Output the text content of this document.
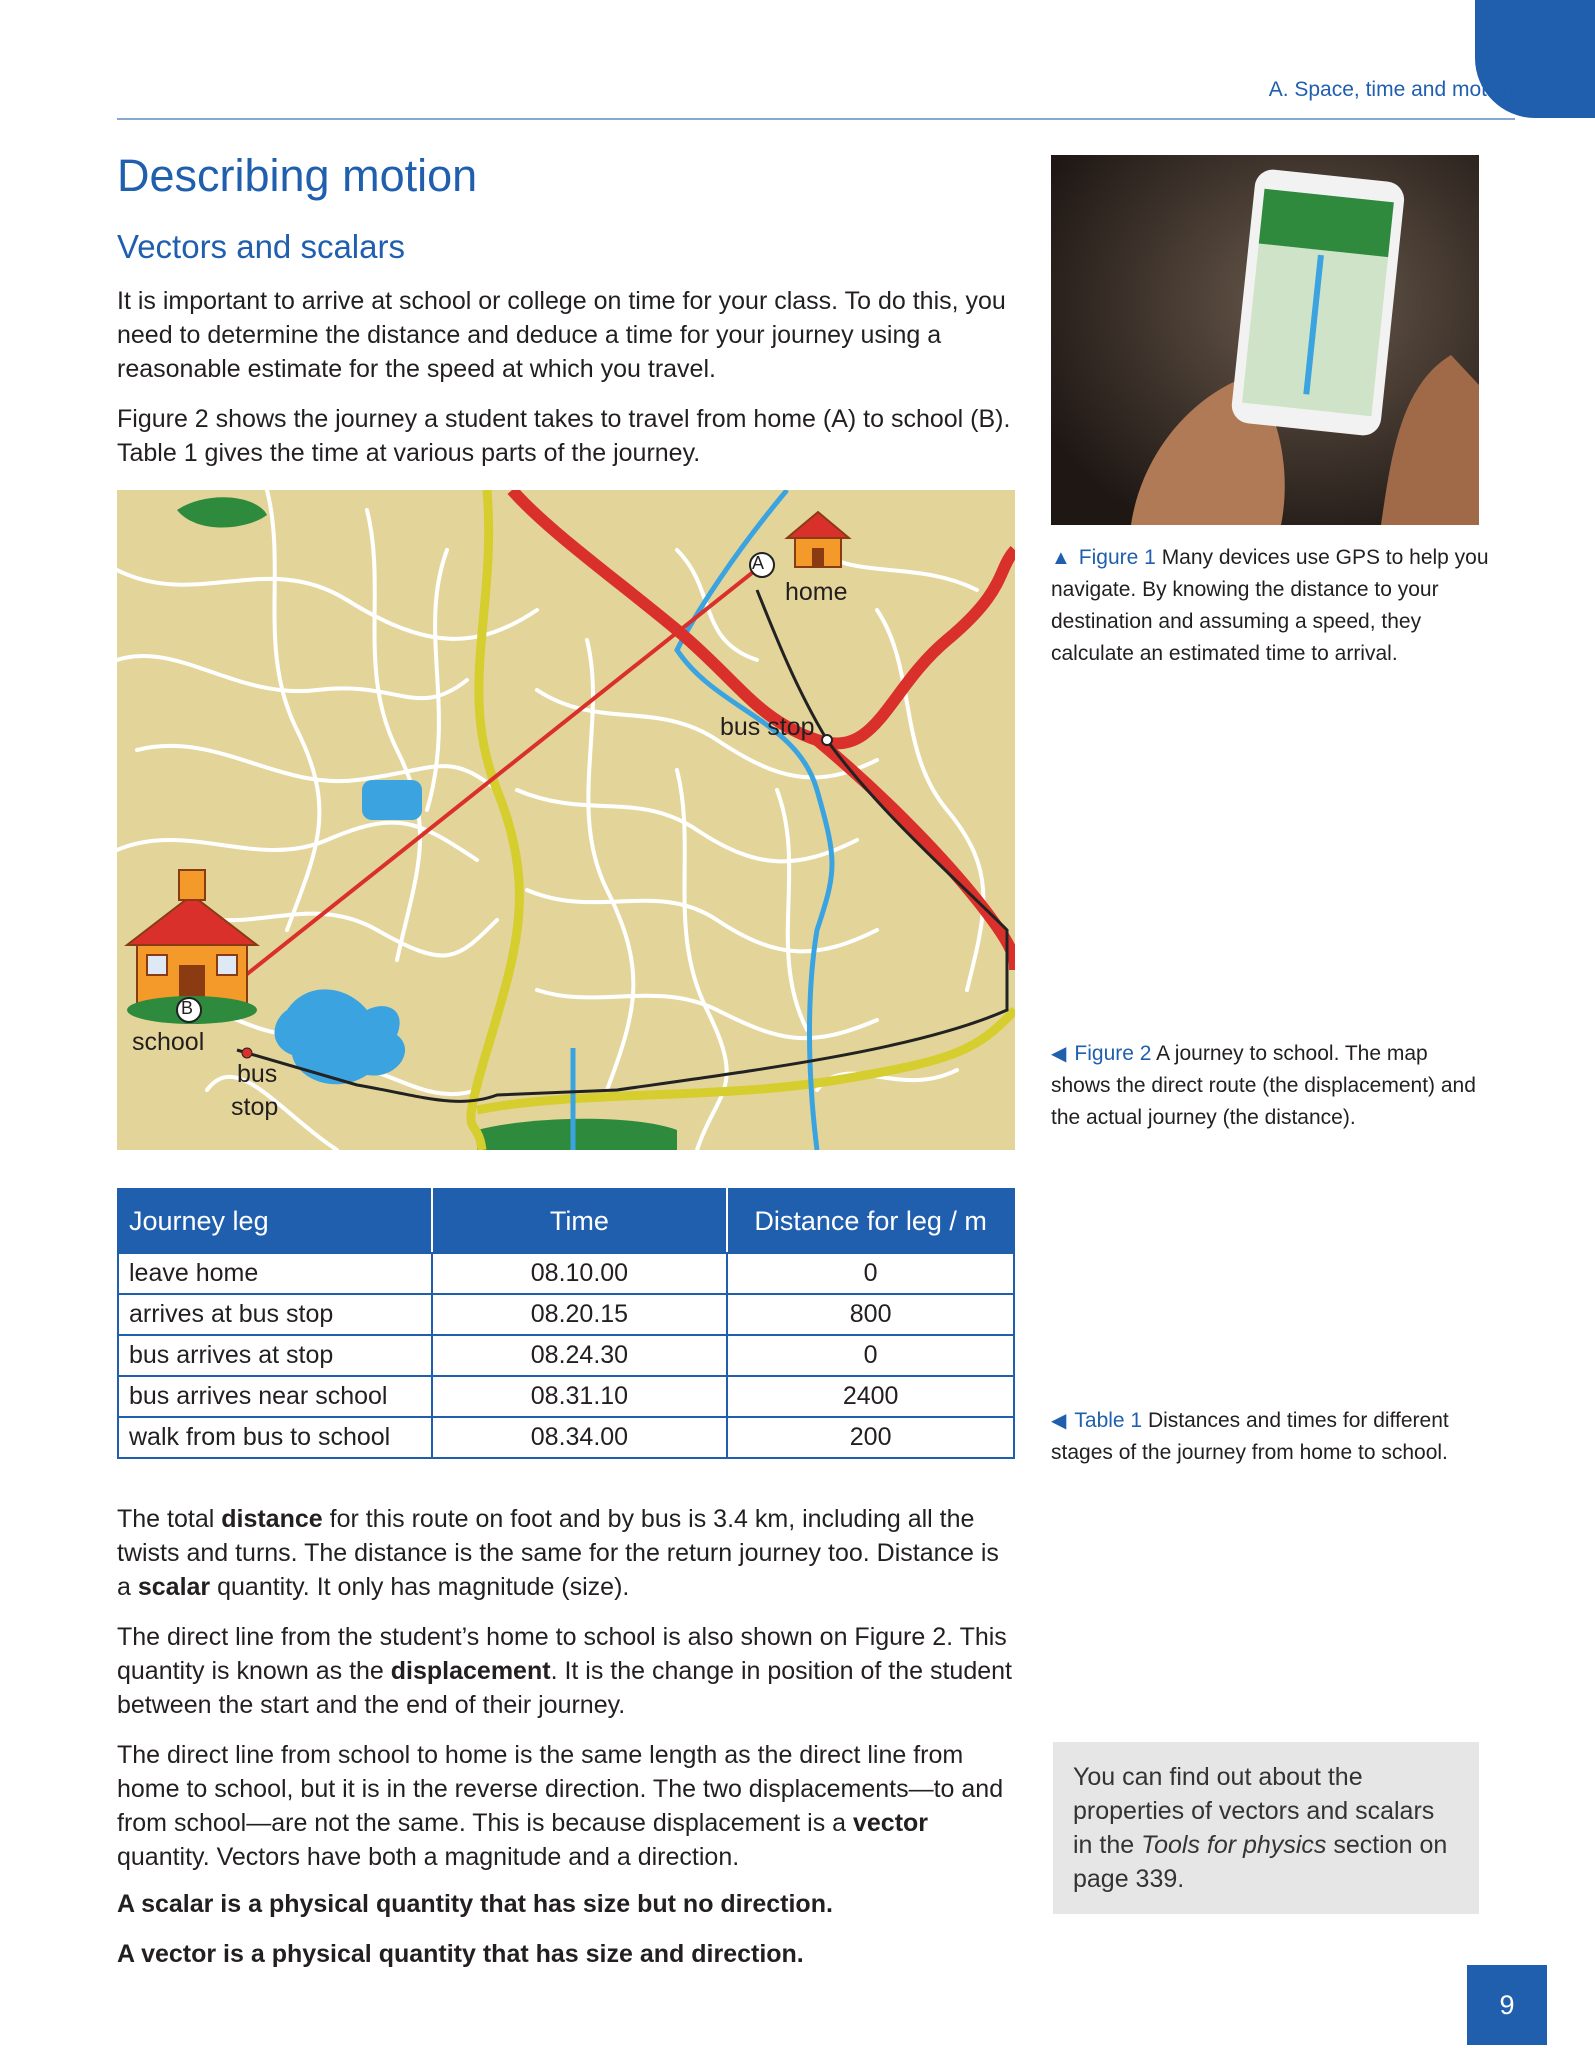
A. Space, time and motion
Describing motion
Vectors and scalars

It is important to arrive at school or college on time for your class. To do this, you need to determine the distance and deduce a time for your journey using a reasonable estimate for the speed at which you travel.

Figure 2 shows the journey a student takes to travel from home (A) to school (B). Table 1 gives the time at various parts of the journey.

A
home
B
school
bus stop
bus
stop

▲ Figure 1 Many devices use GPS to help you navigate. By knowing the distance to your destination and assuming a speed, they calculate an estimated time to arrival.

◀ Figure 2 A journey to school. The map shows the direct route (the displacement) and the actual journey (the distance).

Journey leg	Time	Distance for leg / m
leave home	08.10.00	0
arrives at bus stop	08.20.15	800
bus arrives at stop	08.24.30	0
bus arrives near school	08.31.10	2400
walk from bus to school	08.34.00	200

◀ Table 1 Distances and times for different stages of the journey from home to school.

The total distance for this route on foot and by bus is 3.4 km, including all the twists and turns. The distance is the same for the return journey too. Distance is a scalar quantity. It only has magnitude (size).

The direct line from the student’s home to school is also shown on Figure 2. This quantity is known as the displacement. It is the change in position of the student between the start and the end of their journey.

The direct line from school to home is the same length as the direct line from home to school, but it is in the reverse direction. The two displacements—to and from school—are not the same. This is because displacement is a vector quantity. Vectors have both a magnitude and a direction.

A scalar is a physical quantity that has size but no direction.

A vector is a physical quantity that has size and direction.

You can find out about the properties of vectors and scalars in the Tools for physics section on page 339.
9
